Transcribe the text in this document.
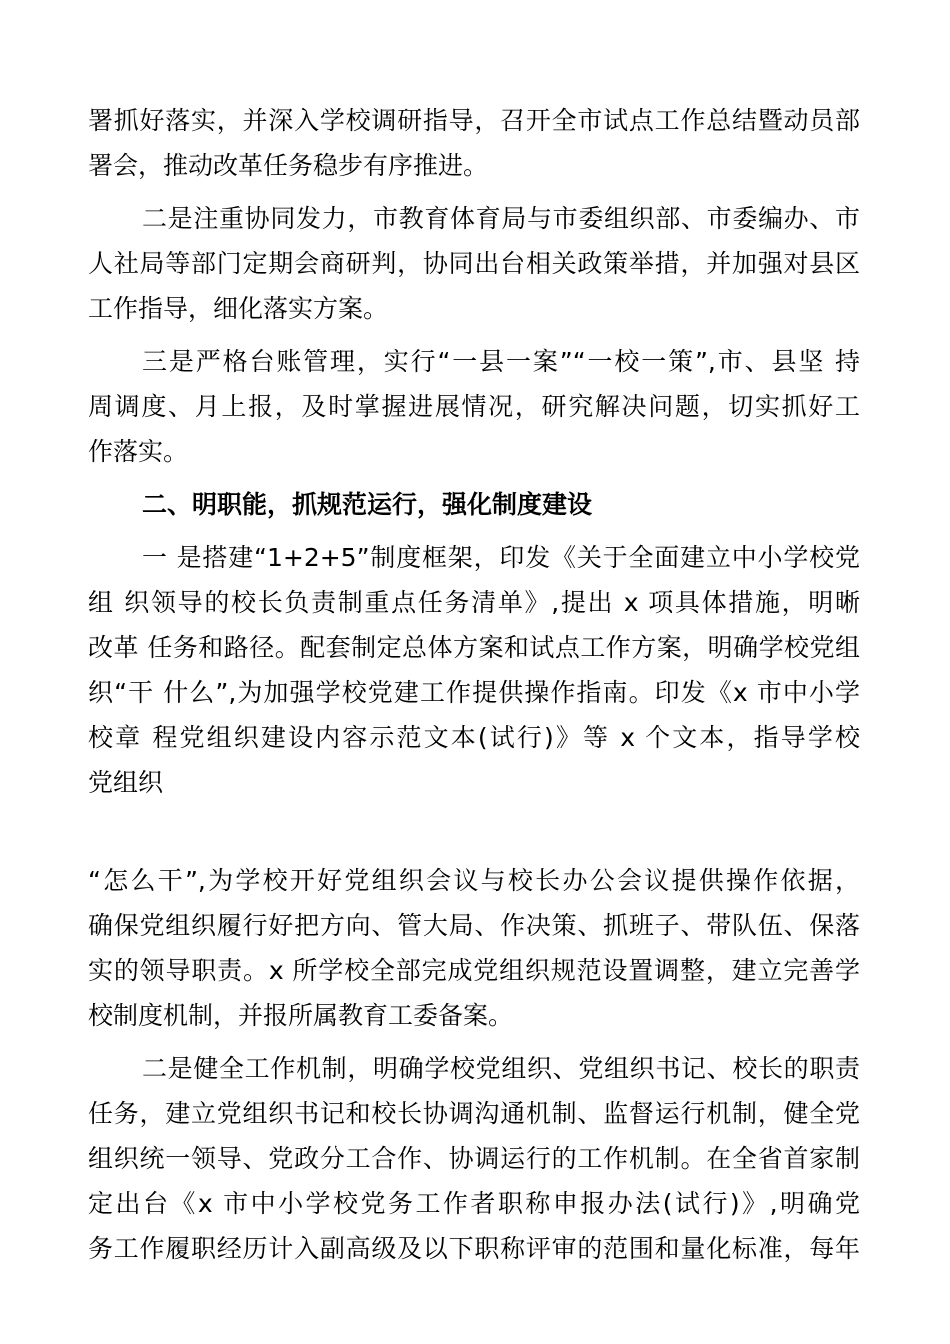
署抓好落实，并深入学校调研指导，召开全市试点工作总结暨动员部
署会，推动改革任务稳步有序推进。
二是注重协同发力，市教育体育局与市委组织部、市委编办、市
人社局等部门定期会商研判，协同出台相关政策举措，并加强对县区
工作指导，细化落实方案。
三是严格台账管理，实行“一县一案”“一校一策”,市、县坚 持
周调度、月上报，及时掌握进展情况，研究解决问题，切实抓好工
作落实。
二、明职能，抓规范运行，强化制度建设
一 是搭建“1+2+5”制度框架，印发《关于全面建立中小学校党
组 织领导的校长负责制重点任务清单》,提出 x 项具体措施，明晰
改革 任务和路径。配套制定总体方案和试点工作方案，明确学校党组
织“干 什么”,为加强学校党建工作提供操作指南。印发《x 市中小学
校章 程党组织建设内容示范文本(试行)》等 x 个文本，指导学校
党组织
“怎么干”,为学校开好党组织会议与校长办公会议提供操作依据，
确保党组织履行好把方向、管大局、作决策、抓班子、带队伍、保落
实的领导职责。x 所学校全部完成党组织规范设置调整，建立完善学
校制度机制，并报所属教育工委备案。
二是健全工作机制，明确学校党组织、党组织书记、校长的职责
任务，建立党组织书记和校长协调沟通机制、监督运行机制，健全党
组织统一领导、党政分工合作、协调运行的工作机制。在全省首家制
定出台《x 市中小学校党务工作者职称申报办法(试行)》,明确党
务工作履职经历计入副高级及以下职称评审的范围和量化标准，每年
